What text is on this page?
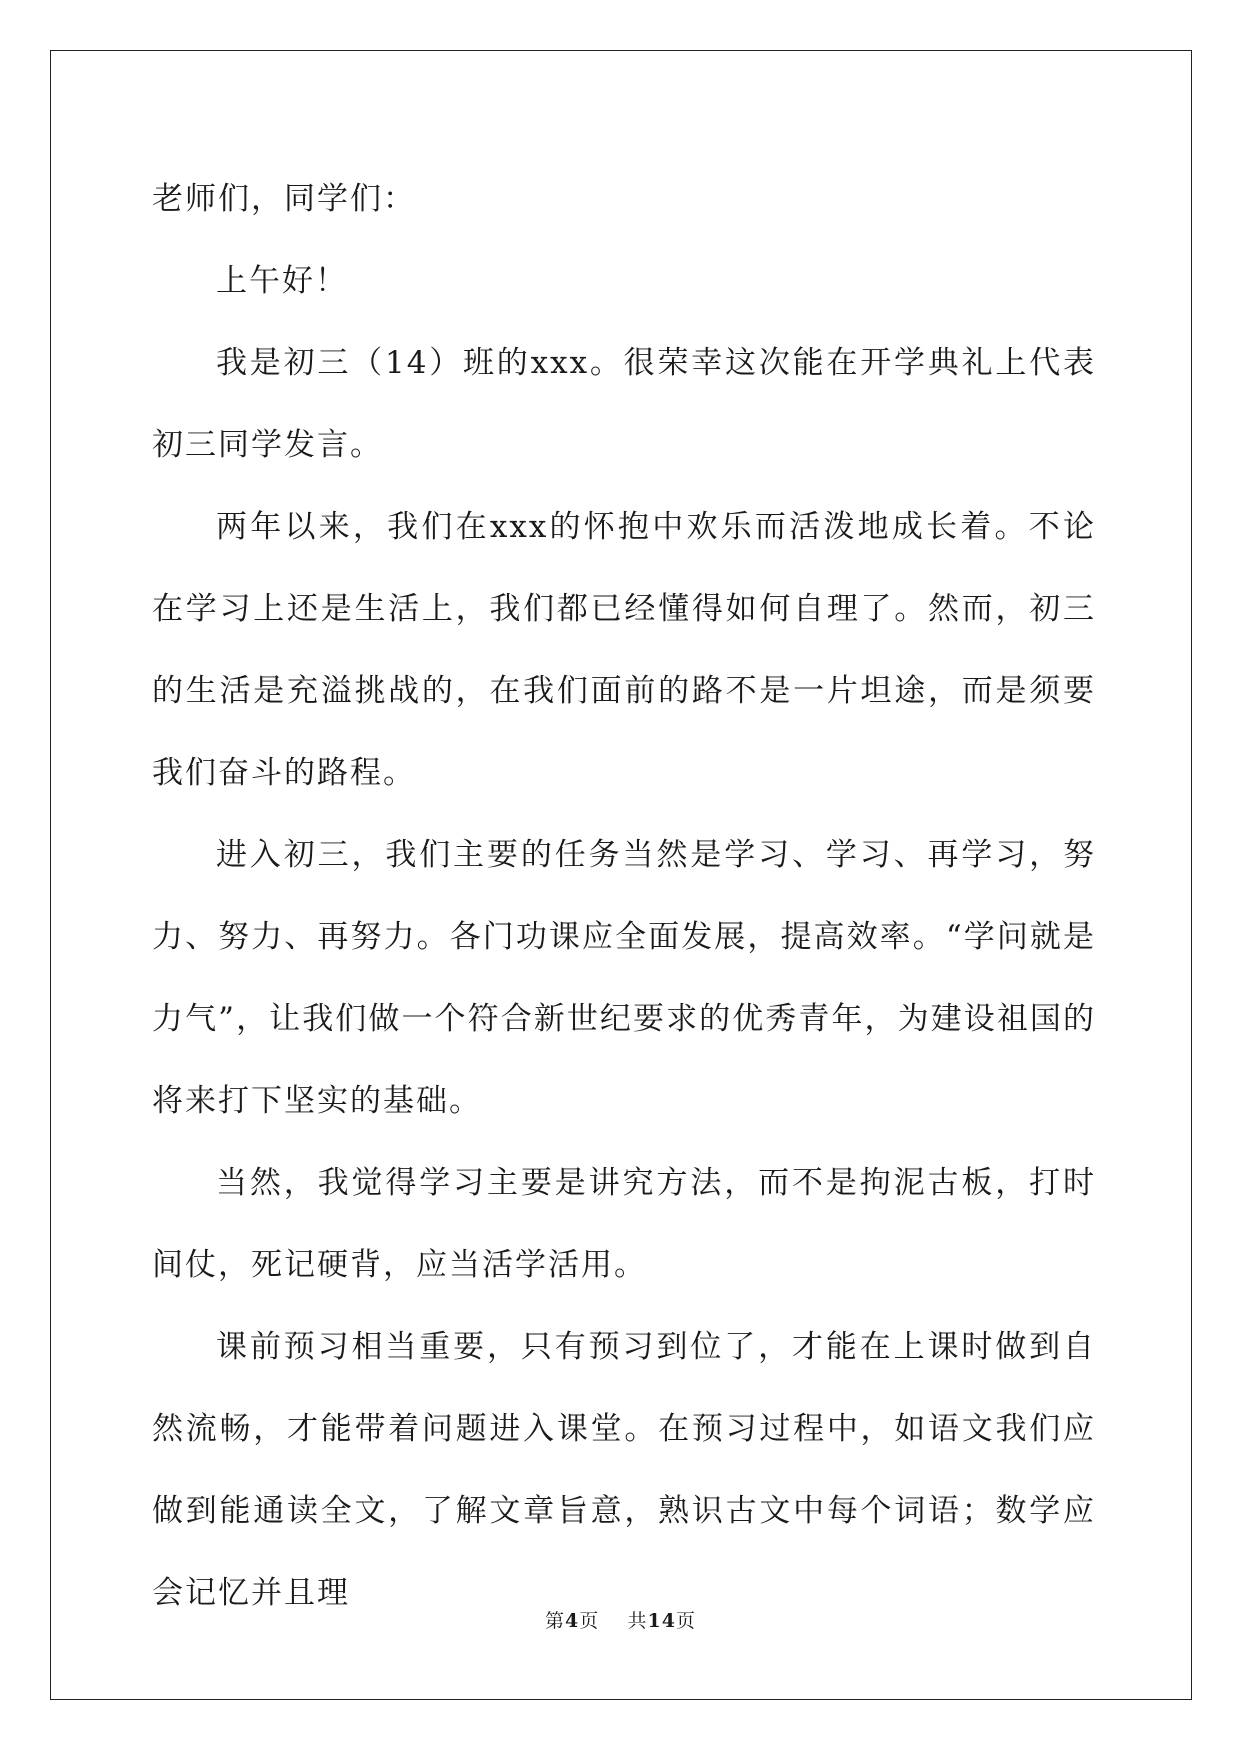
老师们，同学们：

上午好！

我是初三（14）班的xxx。很荣幸这次能在开学典礼上代表初三同学发言。

两年以来，我们在xxx的怀抱中欢乐而活泼地成长着。不论在学习上还是生活上，我们都已经懂得如何自理了。然而，初三的生活是充溢挑战的，在我们面前的路不是一片坦途，而是须要我们奋斗的路程。

进入初三，我们主要的任务当然是学习、学习、再学习，努力、努力、再努力。各门功课应全面发展，提高效率。“学问就是力气”，让我们做一个符合新世纪要求的优秀青年，为建设祖国的将来打下坚实的基础。

当然，我觉得学习主要是讲究方法，而不是拘泥古板，打时间仗，死记硬背，应当活学活用。

课前预习相当重要，只有预习到位了，才能在上课时做到自然流畅，才能带着问题进入课堂。在预习过程中，如语文我们应做到能通读全文，了解文章旨意，熟识古文中每个词语；数学应会记忆并且理

第4页 共14页
